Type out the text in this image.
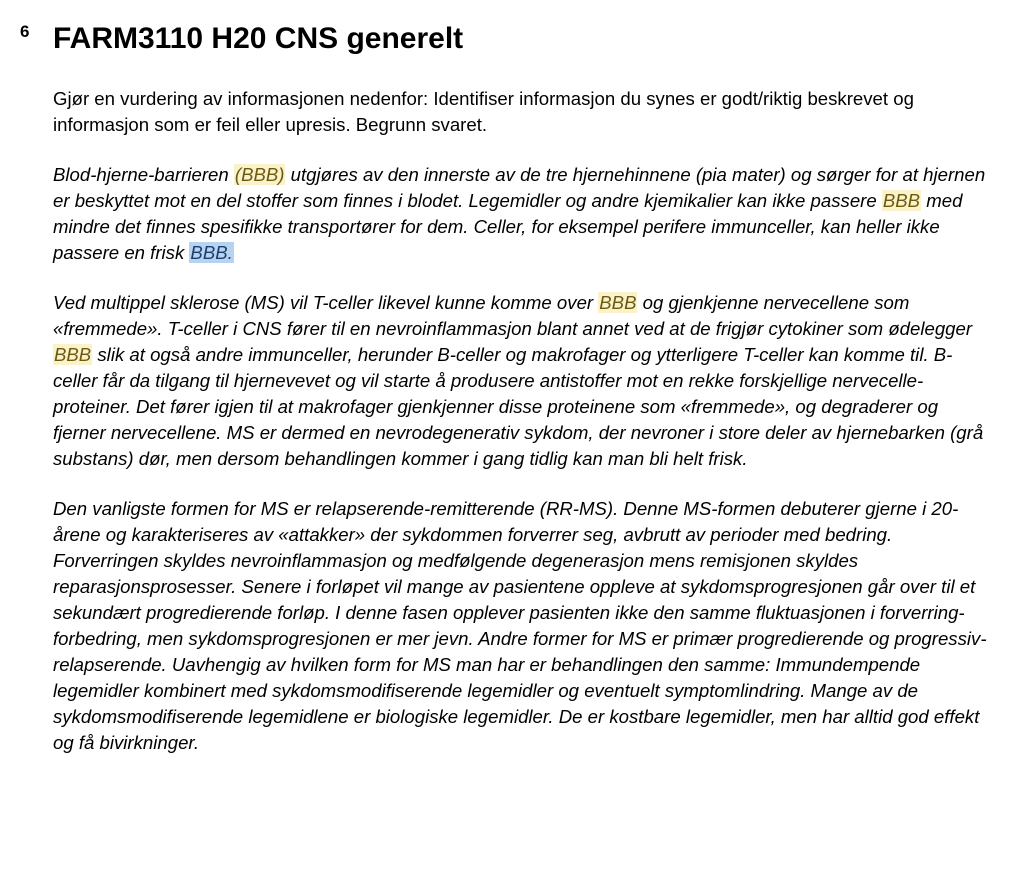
6 FARM3110 H20 CNS generelt

Gjør en vurdering av informasjonen nedenfor: Identifiser informasjon du synes er godt/riktig beskrevet og informasjon som er feil eller upresis. Begrunn svaret.

Blod-hjerne-barrieren (BBB) utgjøres av den innerste av de tre hjernehinnene (pia mater) og sørger for at hjernen er beskyttet mot en del stoffer som finnes i blodet. Legemidler og andre kjemikalier kan ikke passere BBB med mindre det finnes spesifikke transportører for dem. Celler, for eksempel perifere immunceller, kan heller ikke passere en frisk BBB.

Ved multippel sklerose (MS) vil T-celler likevel kunne komme over BBB og gjenkjenne nervecellene som «fremmede». T-celler i CNS fører til en nevroinflammasjon blant annet ved at de frigjør cytokiner som ødelegger BBB slik at også andre immunceller, herunder B-celler og makrofager og ytterligere T-celler kan komme til. B-celler får da tilgang til hjernevevet og vil starte å produsere antistoffer mot en rekke forskjellige nervecelle-proteiner. Det fører igjen til at makrofager gjenkjenner disse proteinene som «fremmede», og degraderer og fjerner nervecellene. MS er dermed en nevrodegenerativ sykdom, der nevroner i store deler av hjernebarken (grå substans) dør, men dersom behandlingen kommer i gang tidlig kan man bli helt frisk.

Den vanligste formen for MS er relapserende-remitterende (RR-MS). Denne MS-formen debuterer gjerne i 20-årene og karakteriseres av «attakker» der sykdommen forverrer seg, avbrutt av perioder med bedring. Forverringen skyldes nevroinflammasjon og medfølgende degenerasjon mens remisjonen skyldes reparasjonsprosesser. Senere i forløpet vil mange av pasientene oppleve at sykdomsprogresjonen går over til et sekundært progredierende forløp. I denne fasen opplever pasienten ikke den samme fluktuasjonen i forverring-forbedring, men sykdomsprogresjonen er mer jevn. Andre former for MS er primær progredierende og progressiv-relapserende. Uavhengig av hvilken form for MS man har er behandlingen den samme: Immundempende legemidler kombinert med sykdomsmodifiserende legemidler og eventuelt symptomlindring. Mange av de sykdomsmodifiserende legemidlene er biologiske legemidler. De er kostbare legemidler, men har alltid god effekt og få bivirkninger.
